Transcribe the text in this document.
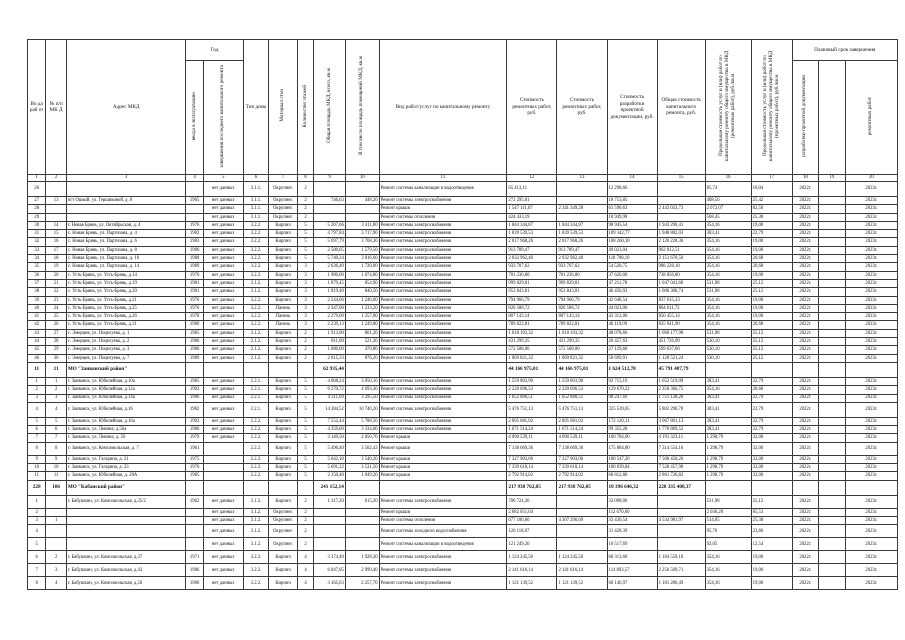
Во да раб от	№ п/п МК Д	Адрес МКД	Год		Тип дома	Материал стен	Количество этажей	Общая площадь МКД, всего, кв.м	В том числе площадь помещений МКД, кв.м	Вид работ/услуг по капитальному ремонту	Стоимость ремонтных работ, руб.	Стоимость ремонтных работ, руб.	Стоимость разработки проектной документации, руб.	Общая стоимость капитального ремонта, руб.	Предельная стоимость услуг и (или) работ по капитальному ремонту общего имущества в МКД (ремонтных работ), руб./кв.м	Предельная стоимость услуг и (или) работ по капитальному ремонту общего имущества в МКД (проектных работ), руб./кв.м	Плановый срок завершения		
			ввода в эксплуатацию	завершения последнего капитального ремонта													разработки проектной документации		ремонтных работ
1	2	3	4	5	6	7	8	9	10	11	12	13	14	15	16	17	18	19	20
26				нет данных	3.1.1.	Окрупнег.	2			Ремонт системы канализации и водоотведения	65 413,11		12 298,66		85,74	16,04	2022г.		2023г.
27	13	пгт Ошкой, ул. Гершиковой, д. 8	1965	нет данных	3.1.1.	Окрупнег.	2	746,63	448,20	Ремонт системы электроснабжения	272 295,01		18 753,85		408,56	25,42	2022г.		2023г.
28				нет данных	3.1.1.	Окрупнег.	2			Ремонт крыши	1 547 111,07	2 341 349,28	61 590,63	2 443 033,73	2 072,07	82,50	2022г.		2023г.
29				нет данных	3.1.1.	Окрупнег.	2			Ремонт системы отопления	424 433,19		18 949,98		568,45	25,38	2022г.		2023г.
30	14	г. Новая Брянь, ул. Октябрьская, д. 4	1976	нет данных	3.2.2.	Кирпич	5	5 207,66	3 411,80	Ремонт системы электроснабжения	1 844 344,87	1 844 344,87	98 945,54	1 943 290,41	354,16	19,00	2022г.		2023г.
31	15	с. Новая Брянь, ул. Партизана, д. 4	1982	нет данных	3.2.2.	Кирпич	5	4 797,84	3 717,90	Ремонт системы электроснабжения	1 839 539,53	1 839 539,53	109 342,77	1 948 882,03	383,41	22,79	2022г.		2023г.
32	16	с. Новая Брянь, ул. Партизана, д. 6	1983	нет данных	3.2.2.	Кирпич	5	5 697,79	3 768,30	Ремонт системы электроснабжения	2 017 968,26	2 017 968,26	108 260,10	2 126 228,36	354,16	19,00	2022г.		2023г.
33	17	с. Новая Брянь, ул. Партизана, д. 8	1986	нет данных	3.2.2.	Кирпич	5	2 580,05	1 579,50	Ремонт системы электроснабжения	913 789,47	913 789,47	49 023,04	962 812,51	354,16	19,00	2022г.		2023г.
34	18	с. Новая Брянь, ул. Партизана, д. 10	1988	нет данных	3.2.2.	Кирпич	5	5 740,24	3 816,60	Ремонт системы электроснабжения	2 032 962,40	2 032 962,40	118 708,10	2 151 670,50	354,16	20,68	2022г.		2023г.
35	19	с. Новая Брянь, ул. Партизана, д. 14	1989	нет данных	3.2.2.	Кирпич	3	2 636,40	1 720,00	Ремонт системы электроснабжения	933 707,62	933 707,62	54 520,75	988 228,18	354,16	20,68	2022г.		2023г.
36	20	с. Усть-Брянь, ул. Усть-Брянь, д.14	1976	нет данных	3.2.2.	Кирпич	3	1 980,00	1 074,80	Ремонт системы электроснабжения	701 236,80	701 236,80	37 620,00	738 856,80	354,16	19,00	2022г.		2023г.
37	21	с. Усть-Брянь, ул. Усть-Брянь, д.19	1981	нет данных	3.1.2.	Кирпич	3	1 879,45	854,90	Ремонт системы электроснабжения	999 829,81	999 829,81	47 211,78	1 047 041,60	531,98	25,12	2022г.		2023г.
38	22	с. Усть-Брянь, ул. Усть-Брянь, д.20	1981	нет данных	3.1.2.	Кирпич	3	1 819,40	840,50	Ремонт системы электроснабжения	953 843,81	953 843,81	46 456,93	1 000 300,74	531,98	25,12	2022г.		2023г.
39	23	с. Усть-Брянь, ул. Усть-Брянь, д.21	1976	нет данных	3.2.2.	Кирпич	3	2 244,66	1 246,00	Ремонт системы электроснабжения	794 966,79	794 966,79	42 648,54	837 615,33	354,16	19,00	2022г.		2023г.
40	24	с. Усть-Брянь, ул. Усть-Брянь, д.25	1976	нет данных	3.2.2.	Панель	3	2 347,00	1 233,20	Ремонт системы электроснабжения	820 588,72	820 588,72	44 023,00	864 611,72	354,16	19,00	2022г.		2023г.
41	25	с. Усть-Брянь, ул. Усть-Брянь, д.26	1978	нет данных	3.2.2.	Панель	3	2 279,00	1 257,00	Ремонт системы электроснабжения	807 143,14	807 143,14	43 312,00	850 455,14	354,16	19,00	2022г.		2023г.
42	26	с. Усть-Брянь, ул. Усть-Брянь, д.31	1980	нет данных	3.2.2.	Панель	3	2 239,13	1 249,80	Ремонт системы электроснабжения	789 822,81	789 822,81	46 119,09	835 941,90	354,16	20,68	2022г.		2023г.
43	27	с. Эмерцев, ул. Поцелуева, д. 1	1985	нет данных	3.1.2.	Кирпич	2	1 913,00	861,20	Ремонт системы электроснабжения	1 018 103,32	1 018 103,32	48 078,66	1 066 177,98	531,98	25,12	2022г.		2023г.
44	28	с. Эмерцев, ул. Поцелуева, д. 2	1986	нет данных	2.1.2.	Кирпич	2	811,00	521,30	Ремонт системы электроснабжения	431 299,35	431 299,35	20 457,63	451 726,99	530,10	25,12	2022г.		2023г.
45	29	с. Эмерцев, ул. Поцелуева, д. 3	1986	нет данных	2.1.2.	Кирпич	2	1 080,00	470,80	Ремонт системы электроснабжения	572 508,00	572 508,00	27 129,60	599 637,60	530,10	25,12	2022г.		2023г.
46	30	с. Эмерцев, ул. Поцелуева, д. 7	1989	нет данных	2.1.2.	Кирпич	2	2 015,33	876,20	Ремонт системы электроснабжения	1 069 821,32	1 069 821,32	50 699,91	1 120 521,24	530,10	25,12	2022г.		2023г.
11	11	МО "Заиванский район"						62 935,44			44 166 975,01	44 166 975,01	1 624 512,78	45 791 487,79					
1	1	г. Заиванск, ул. Юбилейная, д.10а	1985	нет данных	2.2.1.	Кирпич	5	4 068,24	3 050,10	Ремонт системы электроснабжения	1 559 803,90	1 559 803,90	92 715,19	1 652 519,09	383,41	22,79	2022г.		2023г.
2	2	г. Заиванск, ул. Юбилейная, д.12а	1992	нет данных	2.2.1.	Кирпич	5	6 270,72	4 093,30	Ремонт системы электроснабжения	2 220 696,53	2 220 696,53	129 670,22	2 350 366,75	354,16	20,68	2022г.		2023г.
3	3	г. Заиванск, ул. Юбилейная, д.14а	1986	нет данных	2.2.1.	Кирпич	5	4 311,09	3 295,50	Ремонт системы электроснабжения	1 652 880,51	1 652 880,51	98 247,69	1 751 128,20	383,41	22,79	2022г.		2023г.
4	4	г. Заиванск, ул. Юбилейная, д.16	1982	нет данных	2.2.1.	Кирпич	5	14 284,52	10 740,20	Ремонт системы электроснабжения	5 476 751,13	5 476 751,13	325 539,65	5 802 290,78	383,41	22,79	2022г.		2023г.
5	5	г. Заиванск, ул. Юбилейная, д.16а	1992	нет данных	2.2.2.	Кирпич	5	7 552,44	5 788,50	Ремонт системы электроснабжения	2 895 681,02	2 895 681,02	172 120,11	3 067 801,13	383,41	22,79	2022г.		2023г.
6	6	г. Заиванск, ул. Ленина, д.56а	1986	нет данных	2.2.2.	Кирпич	5	4 359,60	3 334,00	Ремонт системы электроснабжения	1 671 514,24	1 671 514,24	99 355,28	1 770 869,52	383,41	22,79	2022г.		2023г.
7	7	г. Заиванск, ул. Ленина, д. 56	1979	нет данных	2.2.2.	Кирпич	5	3 149,50	2 050,70	Ремонт крыши	4 090 539,11	4 090 539,11	100 784,00	4 191 323,11	1 298,79	32,00	2022г.		2023г.
8	8	г. Заиванск, ул. Комсомольская, д. 7	1961		2.2.2.	Кирпич	5	5 496,40	3 562,43	Ремонт крыши	7 138 669,36	7 138 669,36	175 884,80	7 314 554,16	1 298,79	32,00	2022г.		2023г.
9	9	г. Заиванск, ул. Гагарина, д. 21	1975		2.2.2.	Кирпич	5	5 642,10	3 540,20	Ремонт крыши	7 327 903,06	7 327 903,06	180 547,20	7 508 450,26	1 298,79	32,00	2022г.		2023г.
10	10	г. Заиванск, ул. Гагарина, д. 23	1976		2.2.2.	Кирпич	5	5 691,22	3 531,50	Ремонт крыши	7 339 618,14	7 339 618,14	180 839,84	7 520 457,98	1 298,79	32,00	2022г.		2023г.
11	11	г. Заиванск, ул. Юбилейная, д. 20А	1985		2.2.2.	Кирпич	5	2 150,40	1 049,20	Ремонт крыши	2 792 914,02	2 792 914,02	68 812,80	2 861 726,82	1 298,79	32,00	2022г.		2023г.
228	106	МО "Кабанский район"						241 152,14			217 938 762,05	217 938 762,05	10 396 646,32	228 335 408,37					
1		г. Бабушкин, ул. Комсомольская, д.35/2	1962	нет данных	3.1.2.	Кирпич	2	1 317,20	615,20	Ремонт системы электроснабжения	700 724,36		33 098,06		531,98	25,12	2022г.		2023г.
2				нет данных	3.1.2.	Окрупнег.	2			Ремонт крыши	2 682 051,04		112 670,60		2 036,20	85,53	2022г.		2023г.
3	1			нет данных	3.1.2.	Окрупнег.	2			Ремонт системы отопления	677 106,66	4 307 296,69	33 430,54	4 534 981,97	514,05	25,38	2022г.		2023г.
4				нет данных	3.1.2.	Окрупнег.	2			Ремонт системы холодного водоснабжения	126 118,07		31 428,39		95,76	23,86	2022г.		2023г.
5				нет данных	3.1.2.	Окрупнег.	2			Ремонт системы канализации и водоотведения	121 249,26		16 517,69		92,05	12,54	2022г.		2023г.
6	2	г. Бабушкин, ул. Комсомольская, д.37	1971	нет данных	3.2.2.	Кирпич	4	3 174,40	1 928,30	Ремонт системы электроснабжения	1 124 245,50	1 124 245,50	60 313,60	1 184 559,10	354,16	19,00	2022г.		2023г.
7	3	г. Бабушкин, ул. Комсомольская, д.43	1986	нет данных	3.2.2.	Кирпич	4	6 047,05	2 999,40	Ремонт системы электроснабжения	2 141 616,14	2 141 616,14	114 893,57	2 256 509,71	354,16	19,00	2022г.		2023г.
8	4	г. Бабушкин, ул. Комсомольская, д.50	1980	нет данных	3.2.2.	Кирпич	4	3 165,63	2 257,70	Ремонт системы электроснабжения	1 121 139,52	1 121 139,52	60 146,97	1 181 286,49	354,16	19,00	2022г.		2023г.
